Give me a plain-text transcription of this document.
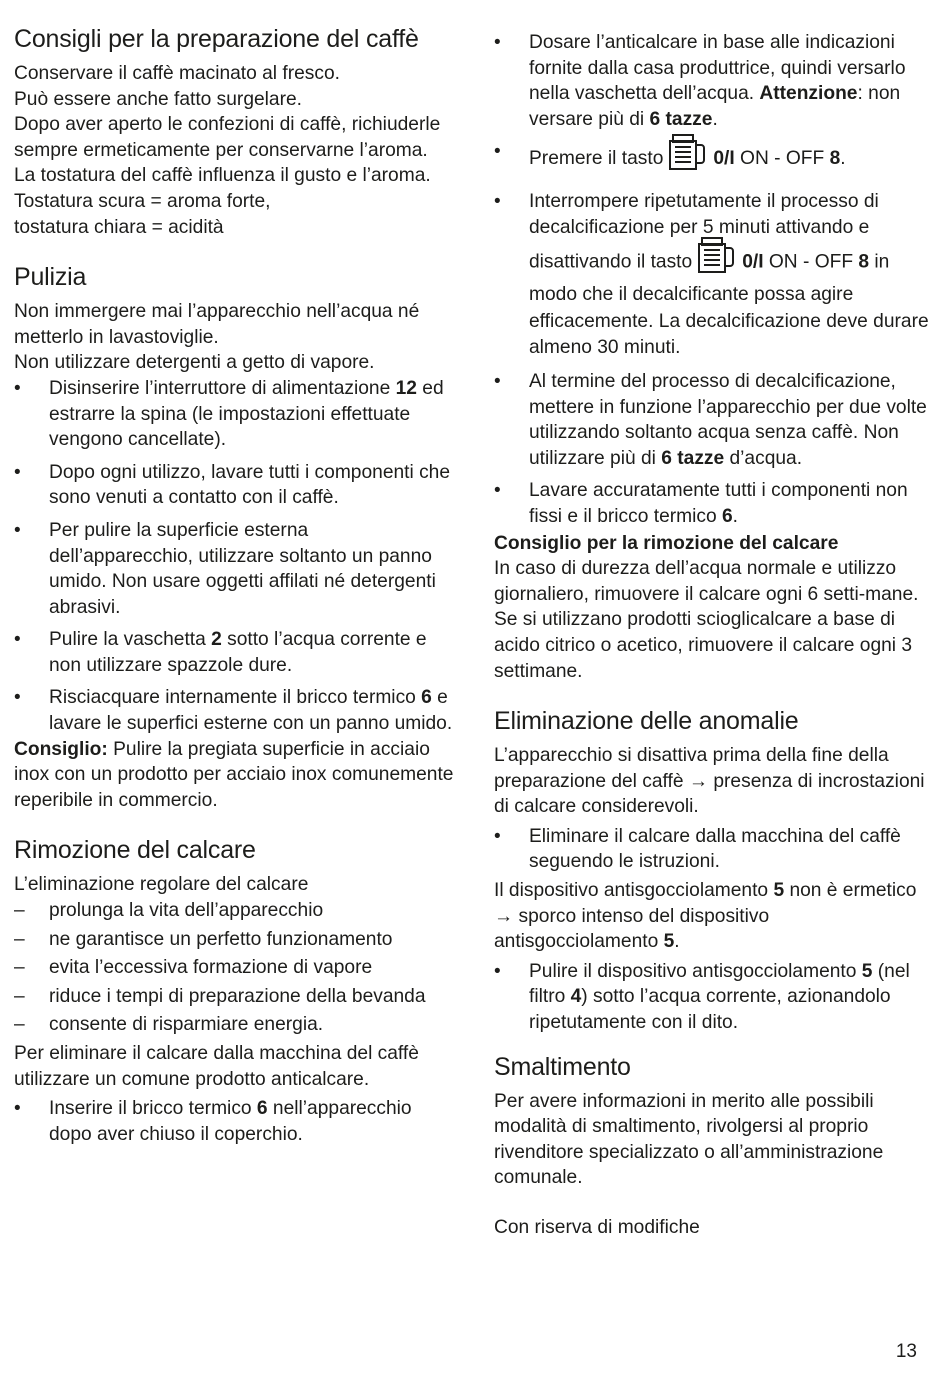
Consigli per la preparazione del caffè

Conservare il caffè macinato al fresco.

Può essere anche fatto surgelare.

Dopo aver aperto le confezioni di caffè, richiuderle sempre ermeticamente per conservarne l’aroma.

La tostatura del caffè influenza il gusto e l’aroma.

Tostatura scura = aroma forte,

tostatura chiara = acidità

Pulizia

Non immergere mai l’apparecchio nell’acqua né metterlo in lavastoviglie.

Non utilizzare detergenti a getto di vapore.

• Disinserire l’interruttore di alimentazione 12 ed estrarre la spina (le impostazioni effettuate vengono cancellate).
• Dopo ogni utilizzo, lavare tutti i componenti che sono venuti a contatto con il caffè.
• Per pulire la superficie esterna dell’apparecchio, utilizzare soltanto un panno umido. Non usare oggetti affilati né detergenti abrasivi.
• Pulire la vaschetta 2 sotto l’acqua corrente e non utilizzare spazzole dure.
• Risciacquare internamente il bricco termico 6 e lavare le superfici esterne con un panno umido.

Consiglio: Pulire la pregiata superficie in acciaio inox con un prodotto per acciaio inox comunemente reperibile in commercio.

Rimozione del calcare

L’eliminazione regolare del calcare

– prolunga la vita dell’apparecchio
– ne garantisce un perfetto funzionamento
– evita l’eccessiva formazione di vapore
– riduce i tempi di preparazione della bevanda
– consente di risparmiare energia.

Per eliminare il calcare dalla macchina del caffè utilizzare un comune prodotto anticalcare.

• Inserire il bricco termico 6 nell’apparecchio dopo aver chiuso il coperchio.
• Dosare l’anticalcare in base alle indicazioni fornite dalla casa produttrice, quindi versarlo nella vaschetta dell’acqua. Attenzione: non versare più di 6 tazze.
• Premere il tasto	0/I ON - OFF 8.
• Interrompere ripetutamente il processo di decalcificazione per 5 minuti attivando e disattivando il tasto	0/I ON - OFF 8 in modo che il decalcificante possa agire efficacemente. La decalcificazione deve durare almeno 30 minuti.
• Al termine del processo di decalcificazione, mettere in funzione l’apparecchio per due volte utilizzando soltanto acqua senza caffè. Non utilizzare più di 6 tazze d’acqua.
• Lavare accuratamente tutti i componenti non fissi e il bricco termico 6.

Consiglio per la rimozione del calcare

In caso di durezza dell’acqua normale e utilizzo giornaliero, rimuovere il calcare ogni 6 setti-mane. Se si utilizzano prodotti scioglicalcare a base di acido citrico o acetico, rimuovere il calcare ogni 3 settimane.

Eliminazione delle anomalie

L’apparecchio si disattiva prima della fine della preparazione del caffè → presenza di incrostazioni di calcare considerevoli.

• Eliminare il calcare dalla macchina del caffè seguendo le istruzioni.

Il dispositivo antisgocciolamento 5 non è ermetico → sporco intenso del dispositivo antisgocciolamento 5.

• Pulire il dispositivo antisgocciolamento 5 (nel filtro 4) sotto l’acqua corrente, azionandolo ripetutamente con il dito.
Smaltimento

Per avere informazioni in merito alle possibili modalità di smaltimento, rivolgersi al proprio rivenditore specializzato o all’amministrazione comunale.

Con riserva di modifiche

13
